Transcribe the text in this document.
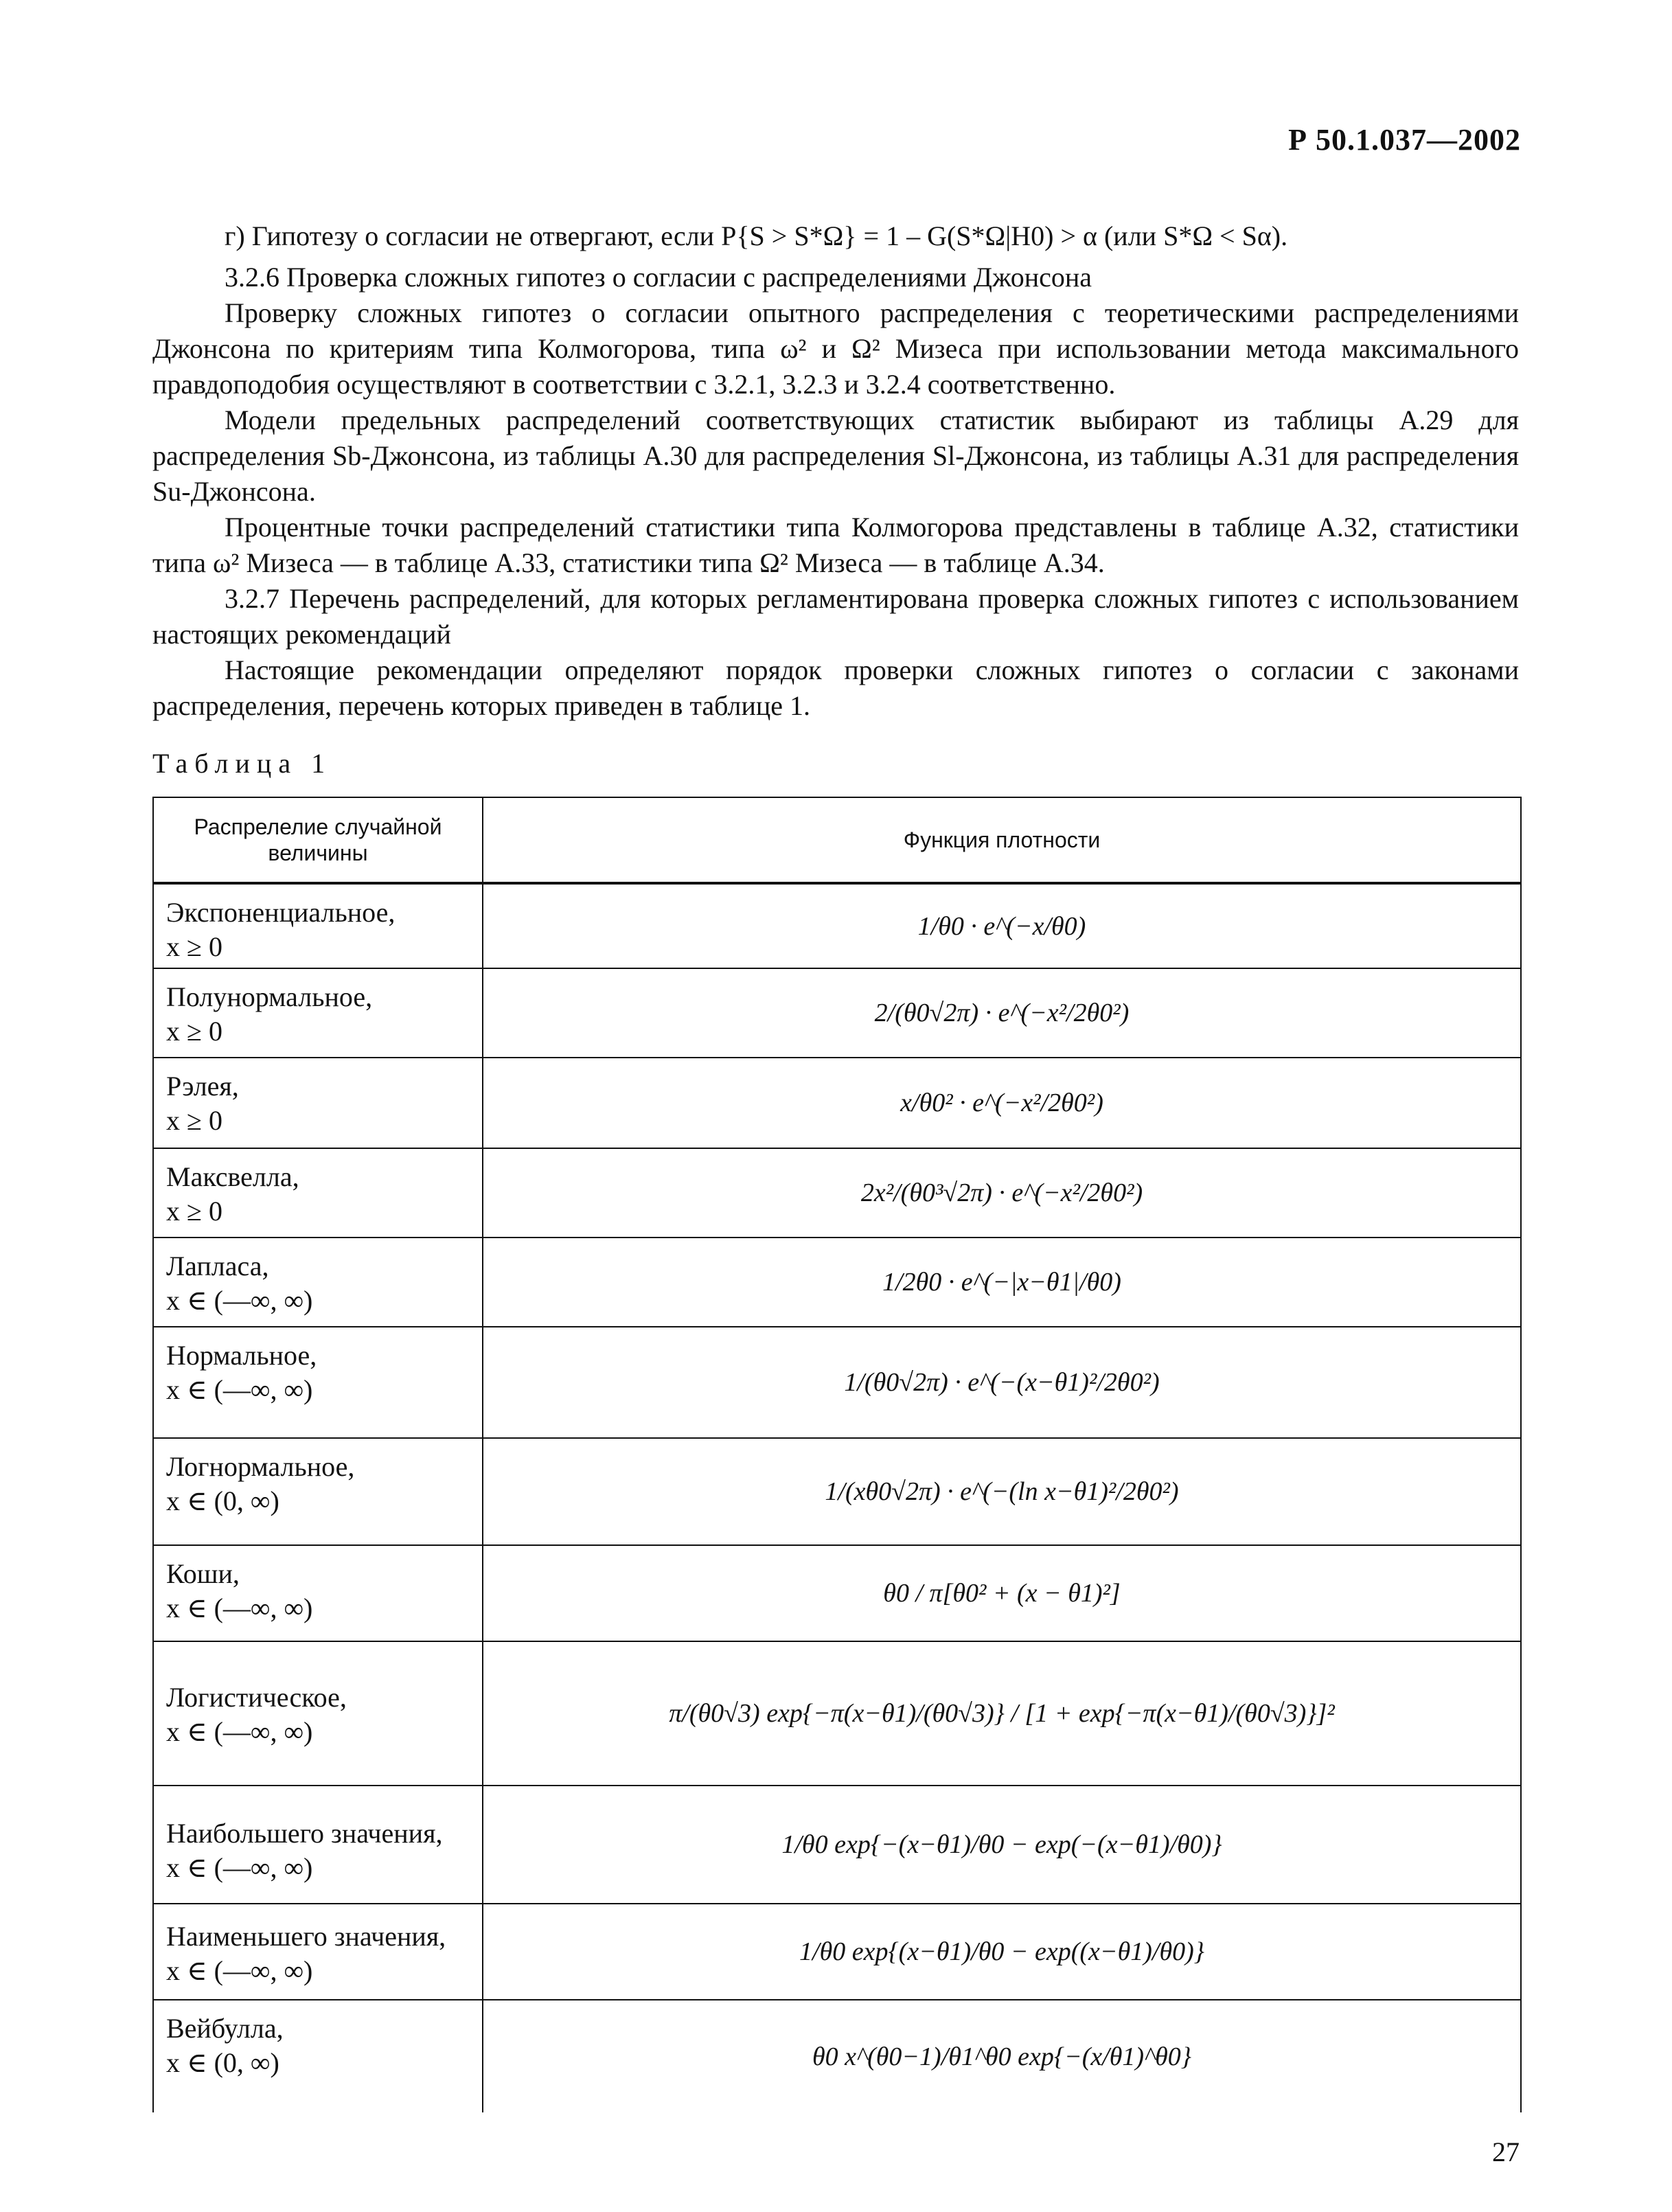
Р 50.1.037—2002

г) Гипотезу о согласии не отвергают, если P{S > S*Ω} = 1 – G(S*Ω|H0) > α (или S*Ω < Sα).

3.2.6 Проверка сложных гипотез о согласии с распределениями Джонсона

Проверку сложных гипотез о согласии опытного распределения с теоретическими распределениями Джонсона по критериям типа Колмогорова, типа ω² и Ω² Мизеса при использовании метода максимального правдоподобия осуществляют в соответствии с 3.2.1, 3.2.3 и 3.2.4 соответственно.

Модели предельных распределений соответствующих статистик выбирают из таблицы А.29 для распределения Sb-Джонсона, из таблицы А.30 для распределения Sl-Джонсона, из таблицы А.31 для распределения Su-Джонсона.

Процентные точки распределений статистики типа Колмогорова представлены в таблице А.32, статистики типа ω² Мизеса — в таблице А.33, статистики типа Ω² Мизеса — в таблице А.34.

3.2.7 Перечень распределений, для которых регламентирована проверка сложных гипотез с использованием настоящих рекомендаций

Настоящие рекомендации определяют порядок проверки сложных гипотез о согласии с законами распределения, перечень которых приведен в таблице 1.

Таблица 1
Распрелелие случайной величины	Функция плотности
Экспоненциальное,
x ≥ 0	1/θ0 · e^(−x/θ0)
Полунормальное,
x ≥ 0	2/(θ0√2π) · e^(−x²/2θ0²)
Рэлея,
x ≥ 0	x/θ0² · e^(−x²/2θ0²)
Максвелла,
x ≥ 0	2x²/(θ0³√2π) · e^(−x²/2θ0²)
Лапласа,
x ∈ (—∞, ∞)	1/2θ0 · e^(−|x−θ1|/θ0)
Нормальное,
x ∈ (—∞, ∞)	1/(θ0√2π) · e^(−(x−θ1)²/2θ0²)
Логнормальное,
x ∈ (0, ∞)	1/(xθ0√2π) · e^(−(ln x−θ1)²/2θ0²)
Коши,
x ∈ (—∞, ∞)	θ0 / π[θ0² + (x − θ1)²]
Логистическое,
x ∈ (—∞, ∞)	π/(θ0√3) exp{−π(x−θ1)/(θ0√3)} / [1 + exp{−π(x−θ1)/(θ0√3)}]²
Наибольшего значения,
x ∈ (—∞, ∞)	1/θ0 exp{−(x−θ1)/θ0 − exp(−(x−θ1)/θ0)}
Наименьшего значения,
x ∈ (—∞, ∞)	1/θ0 exp{(x−θ1)/θ0 − exp((x−θ1)/θ0)}
Вейбулла,
x ∈ (0, ∞)	θ0 x^(θ0−1)/θ1^θ0 exp{−(x/θ1)^θ0}
27
